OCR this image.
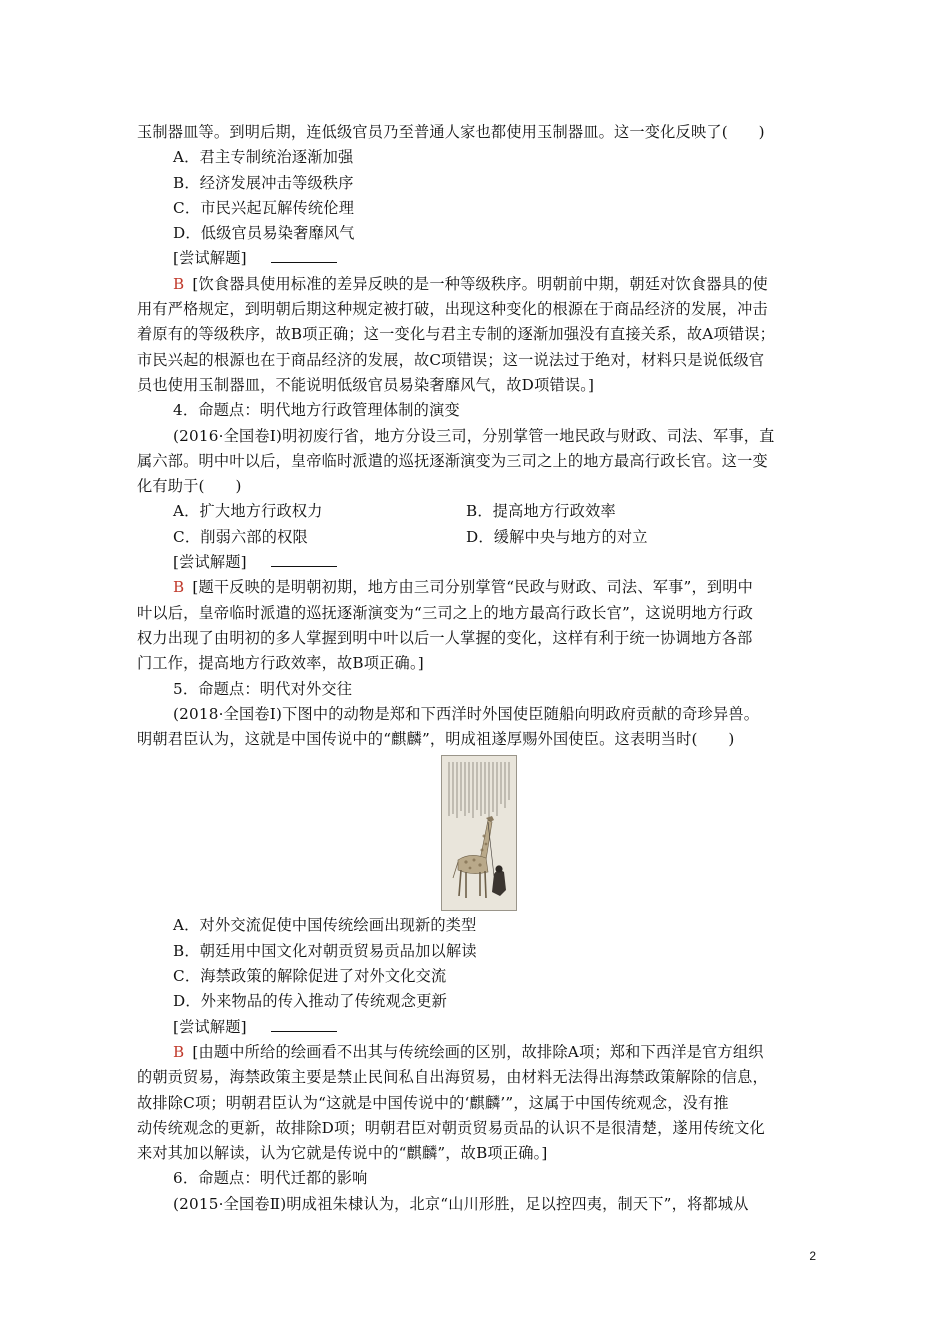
玉制器皿等。到明后期，连低级官员乃至普通人家也都使用玉制器皿。这一变化反映了(　　)

A．君主专制统治逐渐加强

B．经济发展冲击等级秩序

C．市民兴起瓦解传统伦理

D．低级官员易染奢靡风气

[尝试解题]

B [饮食器具使用标准的差异反映的是一种等级秩序。明朝前中期，朝廷对饮食器具的使

用有严格规定，到明朝后期这种规定被打破，出现这种变化的根源在于商品经济的发展，冲击

着原有的等级秩序，故B项正确；这一变化与君主专制的逐渐加强没有直接关系，故A项错误；

市民兴起的根源也在于商品经济的发展，故C项错误；这一说法过于绝对，材料只是说低级官

员也使用玉制器皿，不能说明低级官员易染奢靡风气，故D项错误。]

4．命题点：明代地方行政管理体制的演变

(2016·全国卷Ⅰ)明初废行省，地方分设三司，分别掌管一地民政与财政、司法、军事，直

属六部。明中叶以后，皇帝临时派遣的巡抚逐渐演变为三司之上的地方最高行政长官。这一变

化有助于(　　)

A．扩大地方行政权力	B．提高地方行政效率
C．削弱六部的权限	D．缓解中央与地方的对立

[尝试解题]

B [题干反映的是明朝初期，地方由三司分别掌管“民政与财政、司法、军事”，到明中

叶以后，皇帝临时派遣的巡抚逐渐演变为“三司之上的地方最高行政长官”，这说明地方行政

权力出现了由明初的多人掌握到明中叶以后一人掌握的变化，这样有利于统一协调地方各部

门工作，提高地方行政效率，故B项正确。]

5．命题点：明代对外交往

(2018·全国卷Ⅰ)下图中的动物是郑和下西洋时外国使臣随船向明政府贡献的奇珍异兽。

明朝君臣认为，这就是中国传说中的“麒麟”，明成祖遂厚赐外国使臣。这表明当时(　　)

A．对外交流促使中国传统绘画出现新的类型

B．朝廷用中国文化对朝贡贸易贡品加以解读

C．海禁政策的解除促进了对外文化交流

D．外来物品的传入推动了传统观念更新

[尝试解题]

B [由题中所给的绘画看不出其与传统绘画的区别，故排除A项；郑和下西洋是官方组织

的朝贡贸易，海禁政策主要是禁止民间私自出海贸易，由材料无法得出海禁政策解除的信息，

故排除C项；明朝君臣认为“这就是中国传说中的‘麒麟’”，这属于中国传统观念，没有推

动传统观念的更新，故排除D项；明朝君臣对朝贡贸易贡品的认识不是很清楚，遂用传统文化

来对其加以解读，认为它就是传说中的“麒麟”，故B项正确。]

6．命题点：明代迁都的影响

(2015·全国卷Ⅱ)明成祖朱棣认为，北京“山川形胜，足以控四夷，制天下”，将都城从

2
